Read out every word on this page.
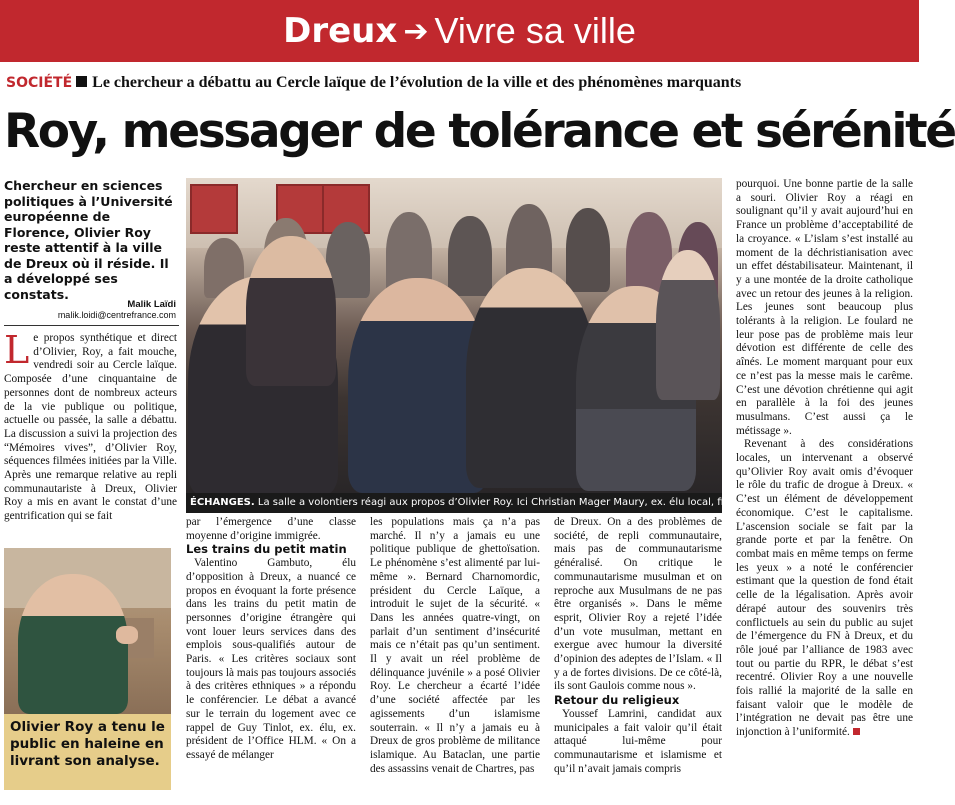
Dreux ➔ Vivre sa ville
SOCIÉTÉ Le chercheur a débattu au Cercle laïque de l’évolution de la ville et des phénomènes marquants
Roy, messager de tolérance et sérénité
Chercheur en sciences politiques à l’Université européenne de Florence, Olivier Roy reste attentif à la ville de Dreux où il réside. Il a développé ses constats.
Malik Laïdi
malik.loidi@centrefrance.com

Le propos synthétique et direct d’Olivier, Roy, a fait mouche, vendredi soir au Cercle laïque. Composée d’une cinquantaine de personnes dont de nombreux acteurs de la vie publique ou politique, actuelle ou passée, la salle a débattu. La discussion a suivi la projection des “Mémoires vives”, d’Olivier Roy, séquences filmées initiées par la Ville. Après une remarque relative au repli communautariste à Dreux, Olivier Roy a mis en avant le constat d’une gentrification qui se fait

ÉCHANGES. La salle a volontiers réagi aux propos d’Olivier Roy. Ici Christian Mager Maury, ex. élu local, figure du PRG.

par l’émergence d’une classe moyenne d’origine immigrée.

Les trains du petit matin

Valentino Gambuto, élu d’opposition à Dreux, a nuancé ce propos en évoquant la forte présence dans les trains du petit matin de personnes d’origine étrangère qui vont louer leurs services dans des emplois sous-qualifiés autour de Paris. « Les critères sociaux sont toujours là mais pas toujours associés à des critères ethniques » a répondu le conférencier. Le débat a avancé sur le terrain du logement avec ce rappel de Guy Tinlot, ex. élu, ex. président de l’Office HLM. « On a essayé de mélanger

les populations mais ça n’a pas marché. Il n’y a jamais eu une politique publique de ghettoïsation. Le phénomène s’est alimenté par lui-même ». Bernard Charnomordic, président du Cercle Laïque, a introduit le sujet de la sécurité. « Dans les années quatre-vingt, on parlait d’un sentiment d’insécurité mais ce n’était pas qu’un sentiment. Il y avait un réel problème de délinquance juvénile » a posé Olivier Roy. Le chercheur a écarté l’idée d’une société affectée par les agissements d’un islamisme souterrain. « Il n’y a jamais eu à Dreux de gros problème de militance islamique. Au Bataclan, une partie des assassins venait de Chartres, pas

de Dreux. On a des problèmes de société, de repli communautaire, mais pas de communautarisme généralisé. On critique le communautarisme musulman et on reproche aux Musulmans de ne pas être organisés ». Dans le même esprit, Olivier Roy a rejeté l’idée d’un vote musulman, mettant en exergue avec humour la diversité d’opinion des adeptes de l’Islam. « Il y a de fortes divisions. De ce côté-là, ils sont Gaulois comme nous ».

Retour du religieux

Youssef Lamrini, candidat aux municipales a fait valoir qu’il était attaqué lui-même pour communautarisme et islamisme et qu’il n’avait jamais compris

pourquoi. Une bonne partie de la salle a souri. Olivier Roy a réagi en soulignant qu’il y avait aujourd’hui en France un problème d’acceptabilité de la croyance. « L’islam s’est installé au moment de la déchristianisation avec un effet déstabilisateur. Maintenant, il y a une montée de la droite catholique avec un retour des jeunes à la religion. Les jeunes sont beaucoup plus tolérants à la religion. Le foulard ne leur pose pas de problème mais leur dévotion est différente de celle des aînés. Le moment marquant pour eux ce n’est pas la messe mais le carême. C’est une dévotion chrétienne qui agit en parallèle à la foi des jeunes musulmans. C’est aussi ça le métissage ».

Revenant à des considérations locales, un intervenant a observé qu’Olivier Roy avait omis d’évoquer le rôle du trafic de drogue à Dreux. « C’est un élément de développement économique. C’est le capitalisme. L’ascension sociale se fait par la grande porte et par la fenêtre. On combat mais en même temps on ferme les yeux » a noté le conférencier estimant que la question de fond était celle de la légalisation. Après avoir dérapé autour des souvenirs très conflictuels au sein du public au sujet de l’émergence du FN à Dreux, et du rôle joué par l’alliance de 1983 avec tout ou partie du RPR, le débat s’est recentré. Olivier Roy a une nouvelle fois rallié la majorité de la salle en faisant valoir que le modèle de l’intégration ne devait pas être une injonction à l’uniformité.

Olivier Roy a tenu le public en haleine en livrant son analyse.
